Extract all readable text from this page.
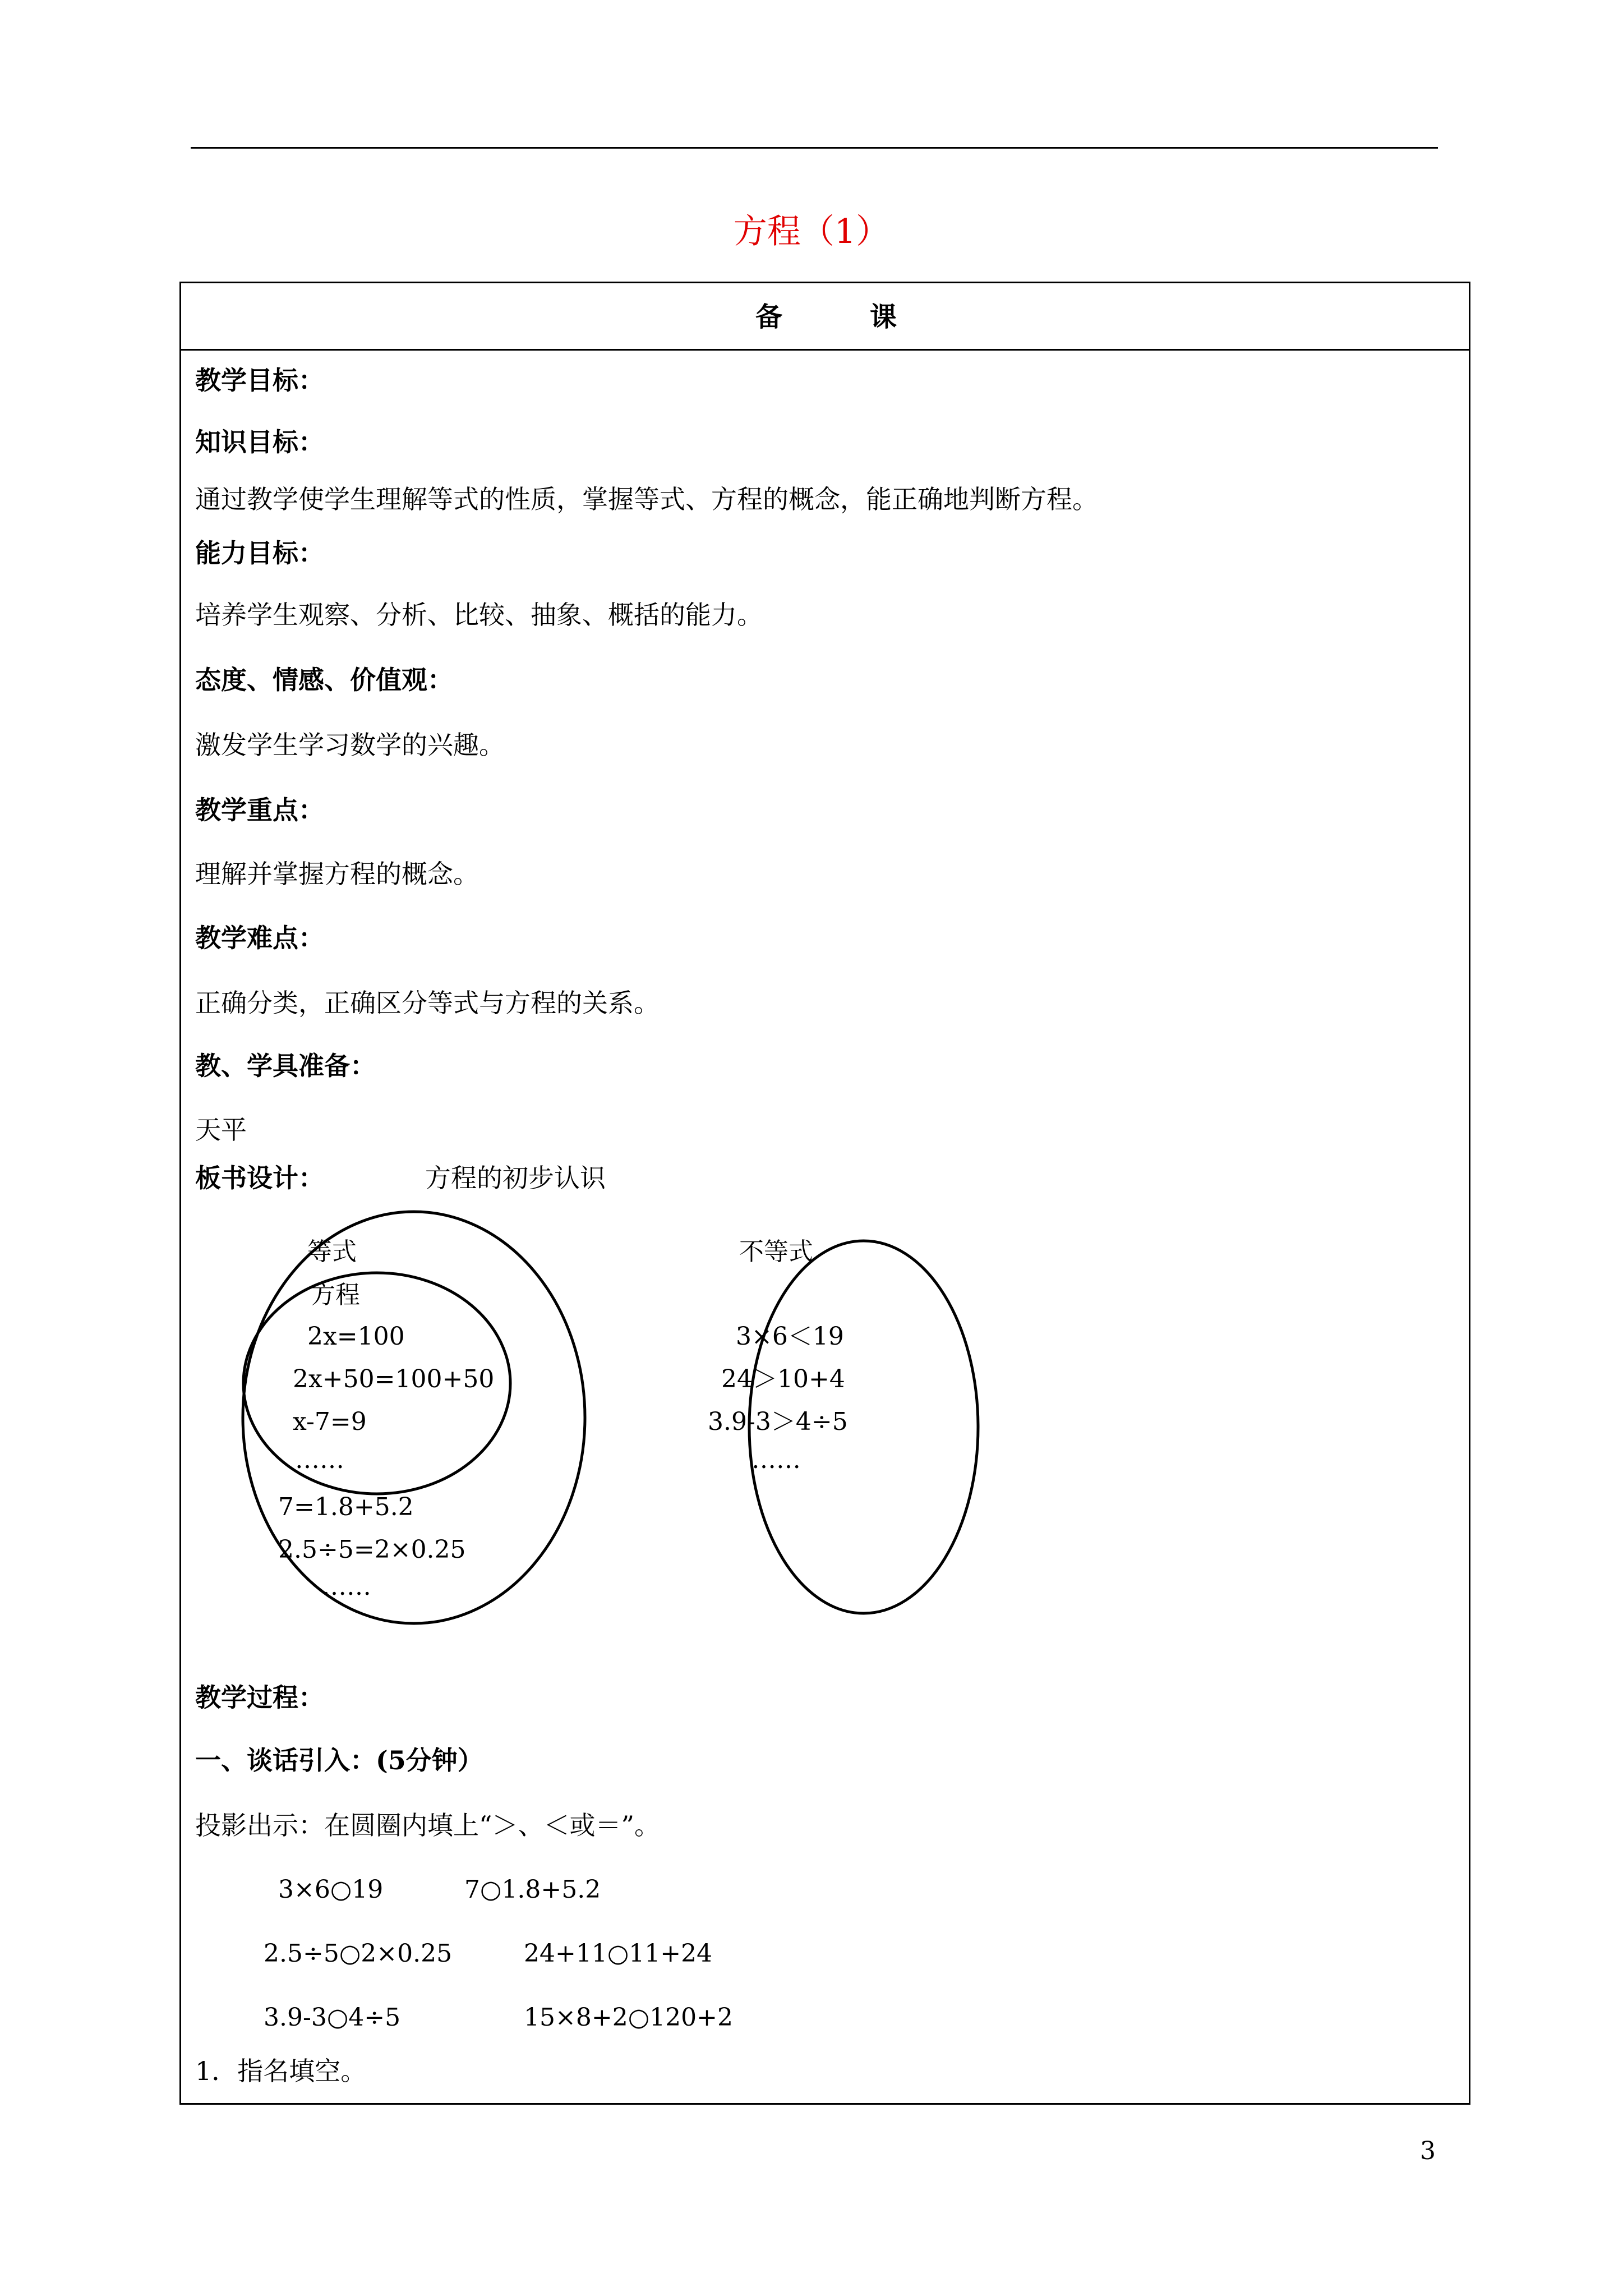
方程（1）
备	课
教学目标：
知识目标：
通过教学使学生理解等式的性质，掌握等式、方程的概念，能正确地判断方程。
能力目标：
培养学生观察、分析、比较、抽象、概括的能力。
态度、情感、价值观：
激发学生学习数学的兴趣。
教学重点：
理解并掌握方程的概念。
教学难点：
正确分类，正确区分等式与方程的关系。
教、学具准备：
天平
板书设计：	方程的初步认识
等式
方程
2x=100
2x+50=100+50
x-7=9
……
7=1.8+5.2
2.5÷5=2×0.25
……
不等式
3×6＜19
24＞10+4
3.9-3＞4÷5
……
教学过程：
一、谈话引入：(5分钟）
投影出示：在圆圈内填上“＞、＜或＝”。
3×6○19	7○1.8+5.2
2.5÷5○2×0.25	24+11○11+24
3.9-3○4÷5	15×8+2○120+2
1．指名填空。
3
